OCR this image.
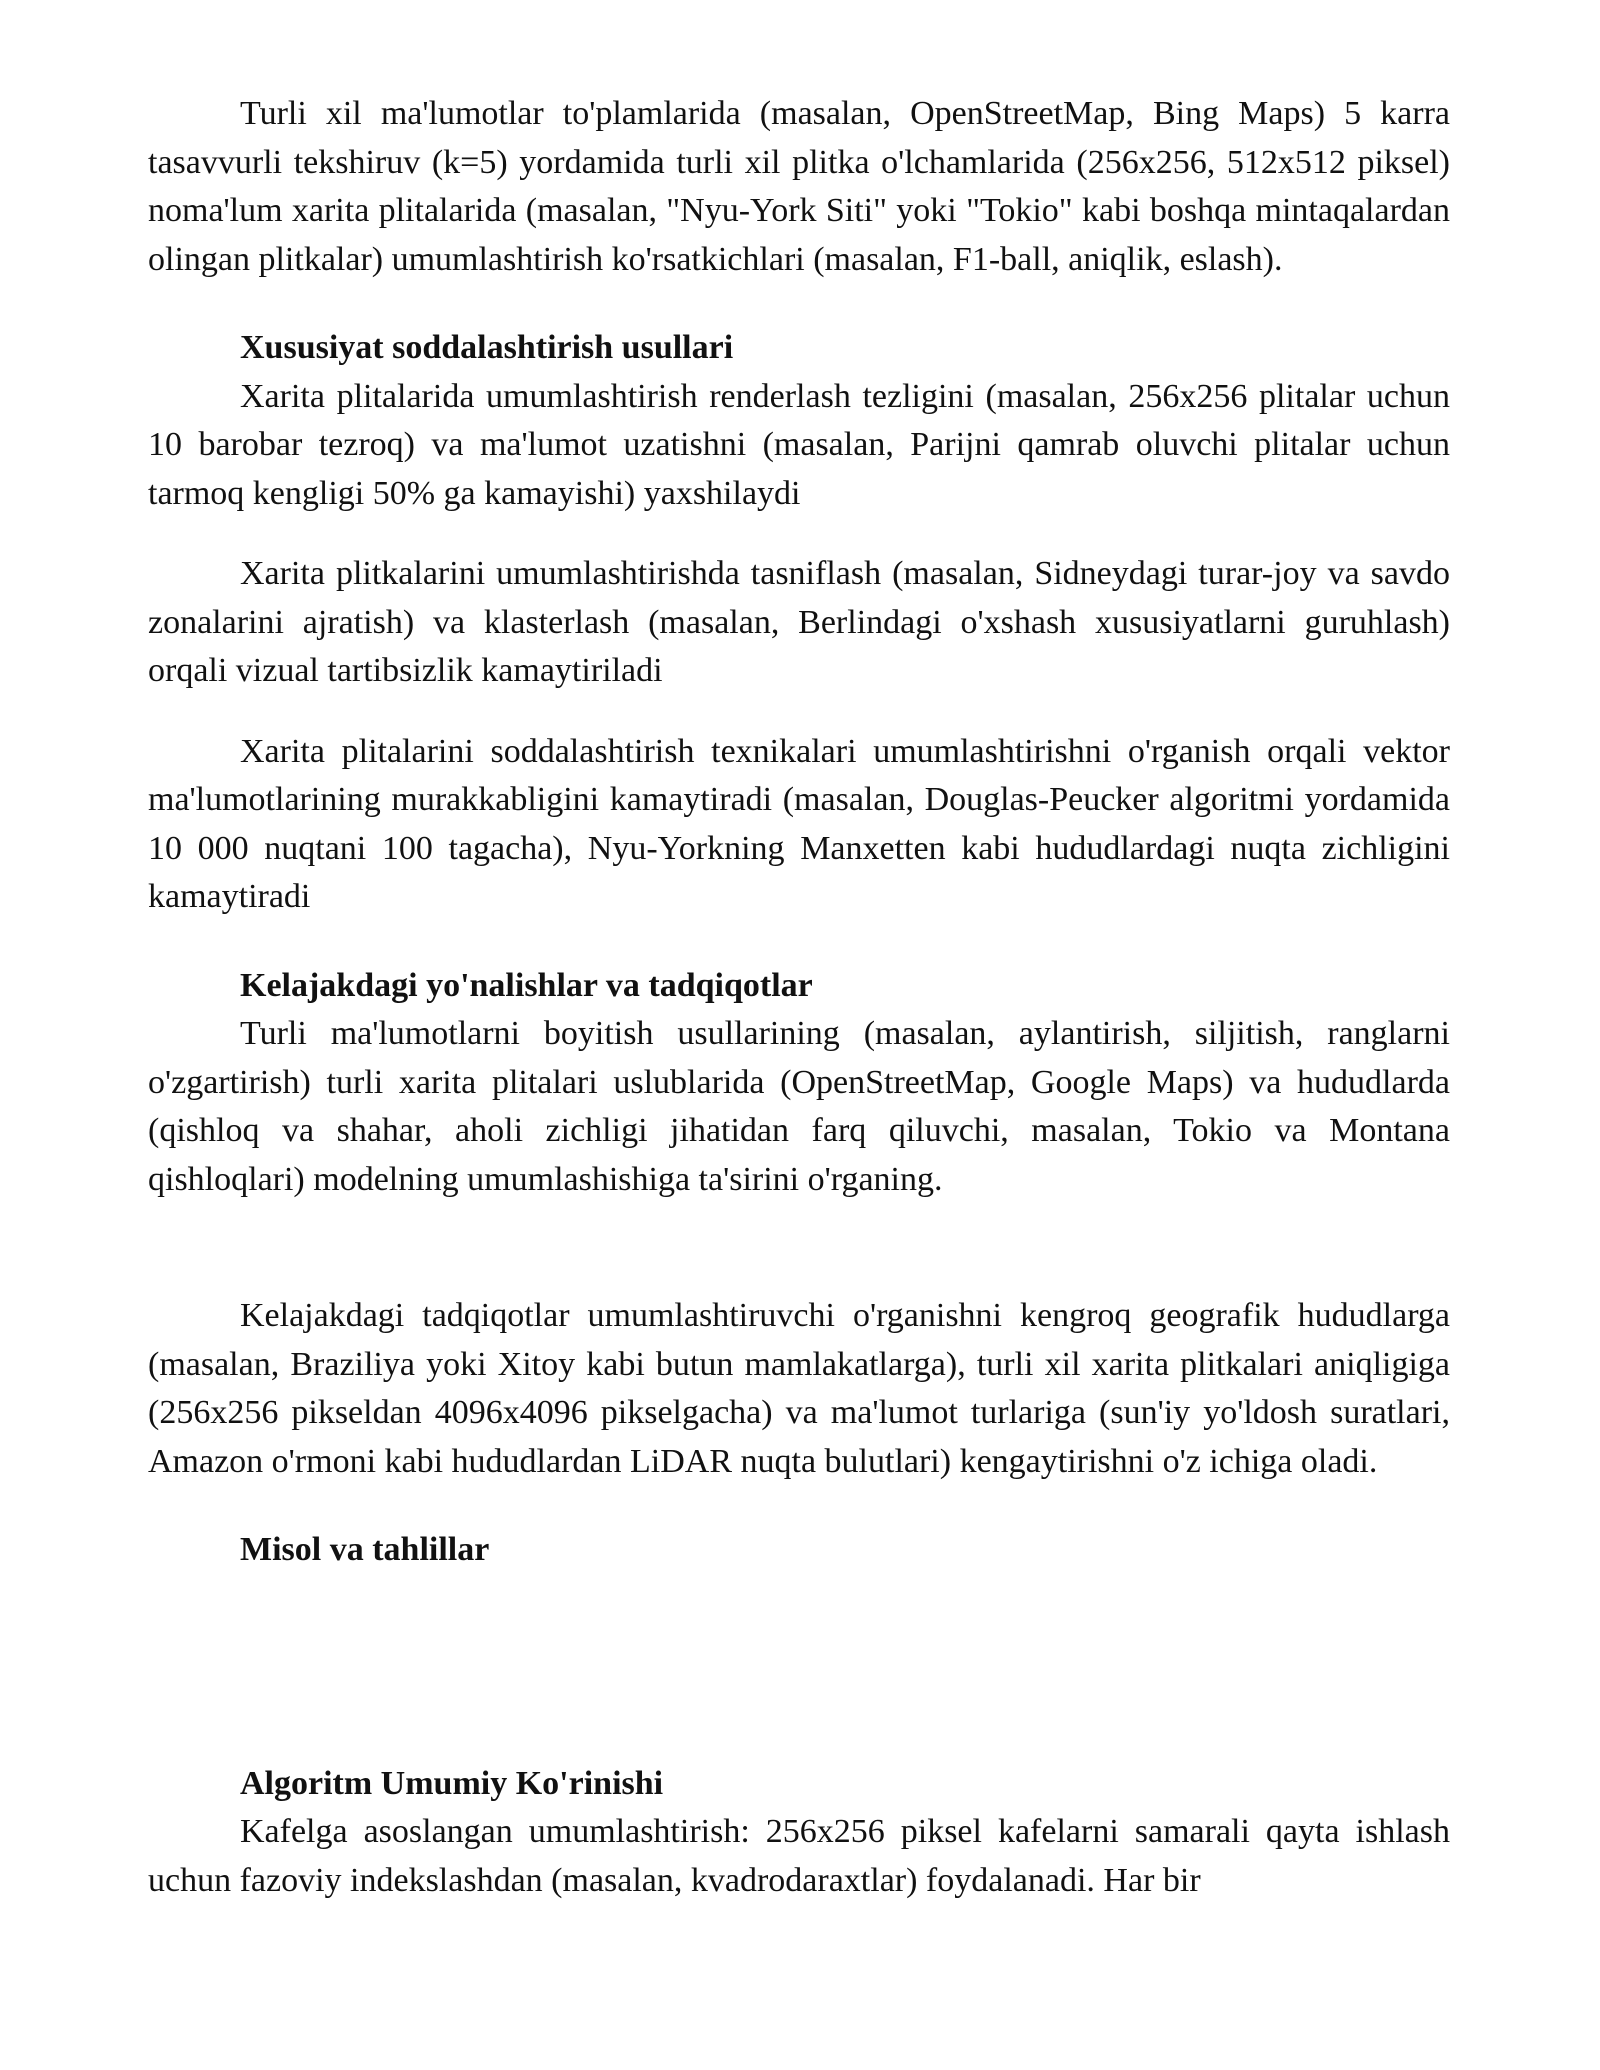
Turli xil ma'lumotlar to'plamlarida (masalan, OpenStreetMap, Bing Maps) 5 karra tasavvurli tekshiruv (k=5) yordamida turli xil plitka o'lchamlarida (256x256, 512x512 piksel) noma'lum xarita plitalarida (masalan, "Nyu-York Siti" yoki "Tokio" kabi boshqa mintaqalardan olingan plitkalar) umumlashtirish ko'rsatkichlari (masalan, F1-ball, aniqlik, eslash).

Xususiyat soddalashtirish usullari

Xarita plitalarida umumlashtirish renderlash tezligini (masalan, 256x256 plitalar uchun 10 barobar tezroq) va ma'lumot uzatishni (masalan, Parijni qamrab oluvchi plitalar uchun tarmoq kengligi 50% ga kamayishi) yaxshilaydi

Xarita plitkalarini umumlashtirishda tasniflash (masalan, Sidneydagi turar-joy va savdo zonalarini ajratish) va klasterlash (masalan, Berlindagi o'xshash xususiyatlarni guruhlash) orqali vizual tartibsizlik kamaytiriladi

Xarita plitalarini soddalashtirish texnikalari umumlashtirishni o'rganish orqali vektor ma'lumotlarining murakkabligini kamaytiradi (masalan, Douglas-Peucker algoritmi yordamida 10 000 nuqtani 100 tagacha), Nyu-Yorkning Manxetten kabi hududlardagi nuqta zichligini kamaytiradi

Kelajakdagi yo'nalishlar va tadqiqotlar

Turli ma'lumotlarni boyitish usullarining (masalan, aylantirish, siljitish, ranglarni o'zgartirish) turli xarita plitalari uslublarida (OpenStreetMap, Google Maps) va hududlarda (qishloq va shahar, aholi zichligi jihatidan farq qiluvchi, masalan, Tokio va Montana qishloqlari) modelning umumlashishiga ta'sirini o'rganing.

Kelajakdagi tadqiqotlar umumlashtiruvchi o'rganishni kengroq geografik hududlarga (masalan, Braziliya yoki Xitoy kabi butun mamlakatlarga), turli xil xarita plitkalari aniqligiga (256x256 pikseldan 4096x4096 pikselgacha) va ma'lumot turlariga (sun'iy yo'ldosh suratlari, Amazon o'rmoni kabi hududlardan LiDAR nuqta bulutlari) kengaytirishni o'z ichiga oladi.

Misol va tahlillar

Algoritm Umumiy Ko'rinishi

Kafelga asoslangan umumlashtirish: 256x256 piksel kafelarni samarali qayta ishlash uchun fazoviy indekslashdan (masalan, kvadrodaraxtlar) foydalanadi. Har bir
